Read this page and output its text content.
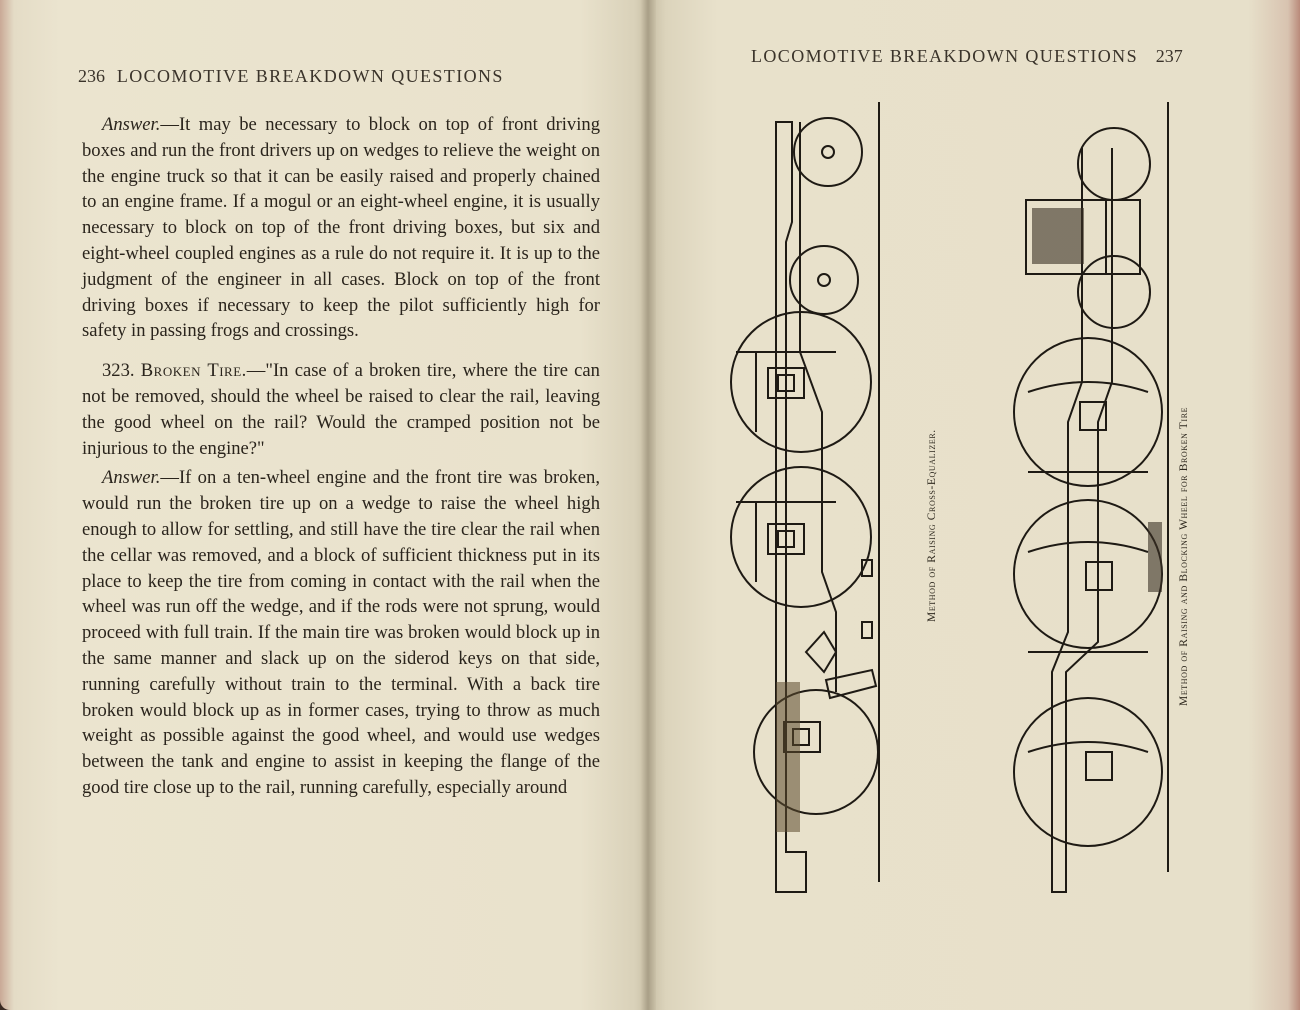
236 LOCOMOTIVE BREAKDOWN QUESTIONS

Answer.—It may be necessary to block on top of front driving boxes and run the front drivers up on wedges to relieve the weight on the engine truck so that it can be easily raised and properly chained to an engine frame. If a mogul or an eight-wheel engine, it is usually necessary to block on top of the front driving boxes, but six and eight-wheel coupled engines as a rule do not require it. It is up to the judgment of the engineer in all cases. Block on top of the front driving boxes if necessary to keep the pilot sufficiently high for safety in passing frogs and crossings.

323. Broken Tire.—"In case of a broken tire, where the tire can not be removed, should the wheel be raised to clear the rail, leaving the good wheel on the rail? Would the cramped position not be injurious to the engine?"

Answer.—If on a ten-wheel engine and the front tire was broken, would run the broken tire up on a wedge to raise the wheel high enough to allow for settling, and still have the tire clear the rail when the cellar was removed, and a block of sufficient thickness put in its place to keep the tire from coming in contact with the rail when the wheel was run off the wedge, and if the rods were not sprung, would proceed with full train. If the main tire was broken would block up in the same manner and slack up on the siderod keys on that side, running carefully without train to the terminal. With a back tire broken would block up as in former cases, trying to throw as much weight as possible against the good wheel, and would use wedges between the tank and engine to assist in keeping the flange of the good tire close up to the rail, running carefully, especially around

LOCOMOTIVE BREAKDOWN QUESTIONS 237
Method of Raising Cross-Equalizer.	Method of Raising and Blocking Wheel for Broken Tire
